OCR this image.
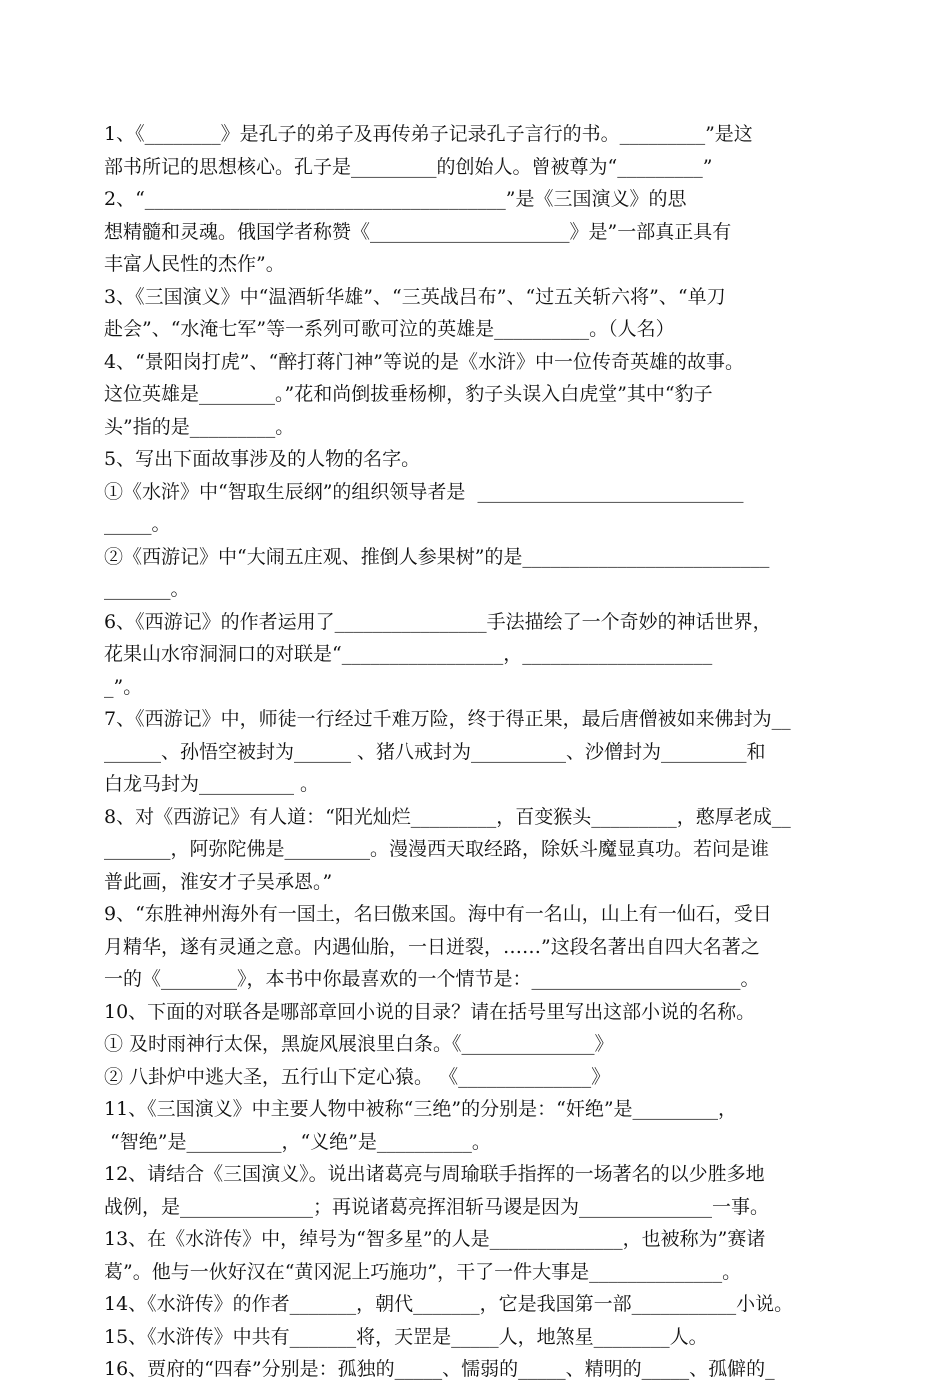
1、《________》是孔子的弟子及再传弟子记录孔子言行的书。_________”是这
部书所记的思想核心。孔子是_________的创始人。曾被尊为“_________”
2、“______________________________________”是《三国演义》的思
想精髓和灵魂。俄国学者称赞《_____________________》是”一部真正具有
丰富人民性的杰作”。
3、《三国演义》中“温酒斩华雄”、“三英战吕布”、“过五关斩六将”、“单刀
赴会”、“水淹七军”等一系列可歌可泣的英雄是__________。（人名）
4、“景阳岗打虎”、“醉打蒋门神”等说的是《水浒》中一位传奇英雄的故事。
这位英雄是________。”花和尚倒拔垂杨柳，豹子头误入白虎堂”其中“豹子
头”指的是_________。
5、写出下面故事涉及的人物的名字。
①《水浒》中“智取生辰纲”的组织领导者是  ____________________________
_____。
②《西游记》中“大闹五庄观、推倒人参果树”的是__________________________
_______。
6、《西游记》的作者运用了________________手法描绘了一个奇妙的神话世界，
花果山水帘洞洞口的对联是“_________________，____________________
_”。
7、《西游记》中，师徒一行经过千难万险，终于得正果，最后唐僧被如来佛封为__
______、孙悟空被封为______ 、猪八戒封为__________、沙僧封为_________和
白龙马封为__________ 。
8、对《西游记》有人道：“阳光灿烂_________，百变猴头_________，憨厚老成__
_______，阿弥陀佛是_________。漫漫西天取经路，除妖斗魔显真功。若问是谁
普此画，淮安才子吴承恩。”
9、“东胜神州海外有一国土，名曰傲来国。海中有一名山，山上有一仙石，受日
月精华，遂有灵通之意。内遇仙胎，一日迸裂，……”这段名著出自四大名著之
一的《________》，本书中你最喜欢的一个情节是：______________________。
10、下面的对联各是哪部章回小说的目录？请在括号里写出这部小说的名称。
① 及时雨神行太保，黑旋风展浪里白条。《______________》
② 八卦炉中逃大圣，五行山下定心猿。 《______________》
11、《三国演义》中主要人物中被称“三绝”的分别是：“奸绝”是_________，
“智绝”是__________，“义绝”是__________。
12、请结合《三国演义》。说出诸葛亮与周瑜联手指挥的一场著名的以少胜多地
战例，是______________；再说诸葛亮挥泪斩马谡是因为______________一事。
13、在《水浒传》中，绰号为“智多星”的人是______________，也被称为”赛诸
葛”。他与一伙好汉在“黄冈泥上巧施功”，干了一件大事是______________。
14、《水浒传》的作者_______，朝代_______，它是我国第一部___________小说。
15、《水浒传》中共有_______将，天罡是_____人，地煞星________人。
16、贾府的“四春”分别是：孤独的_____、懦弱的_____、精明的_____、孤僻的_
